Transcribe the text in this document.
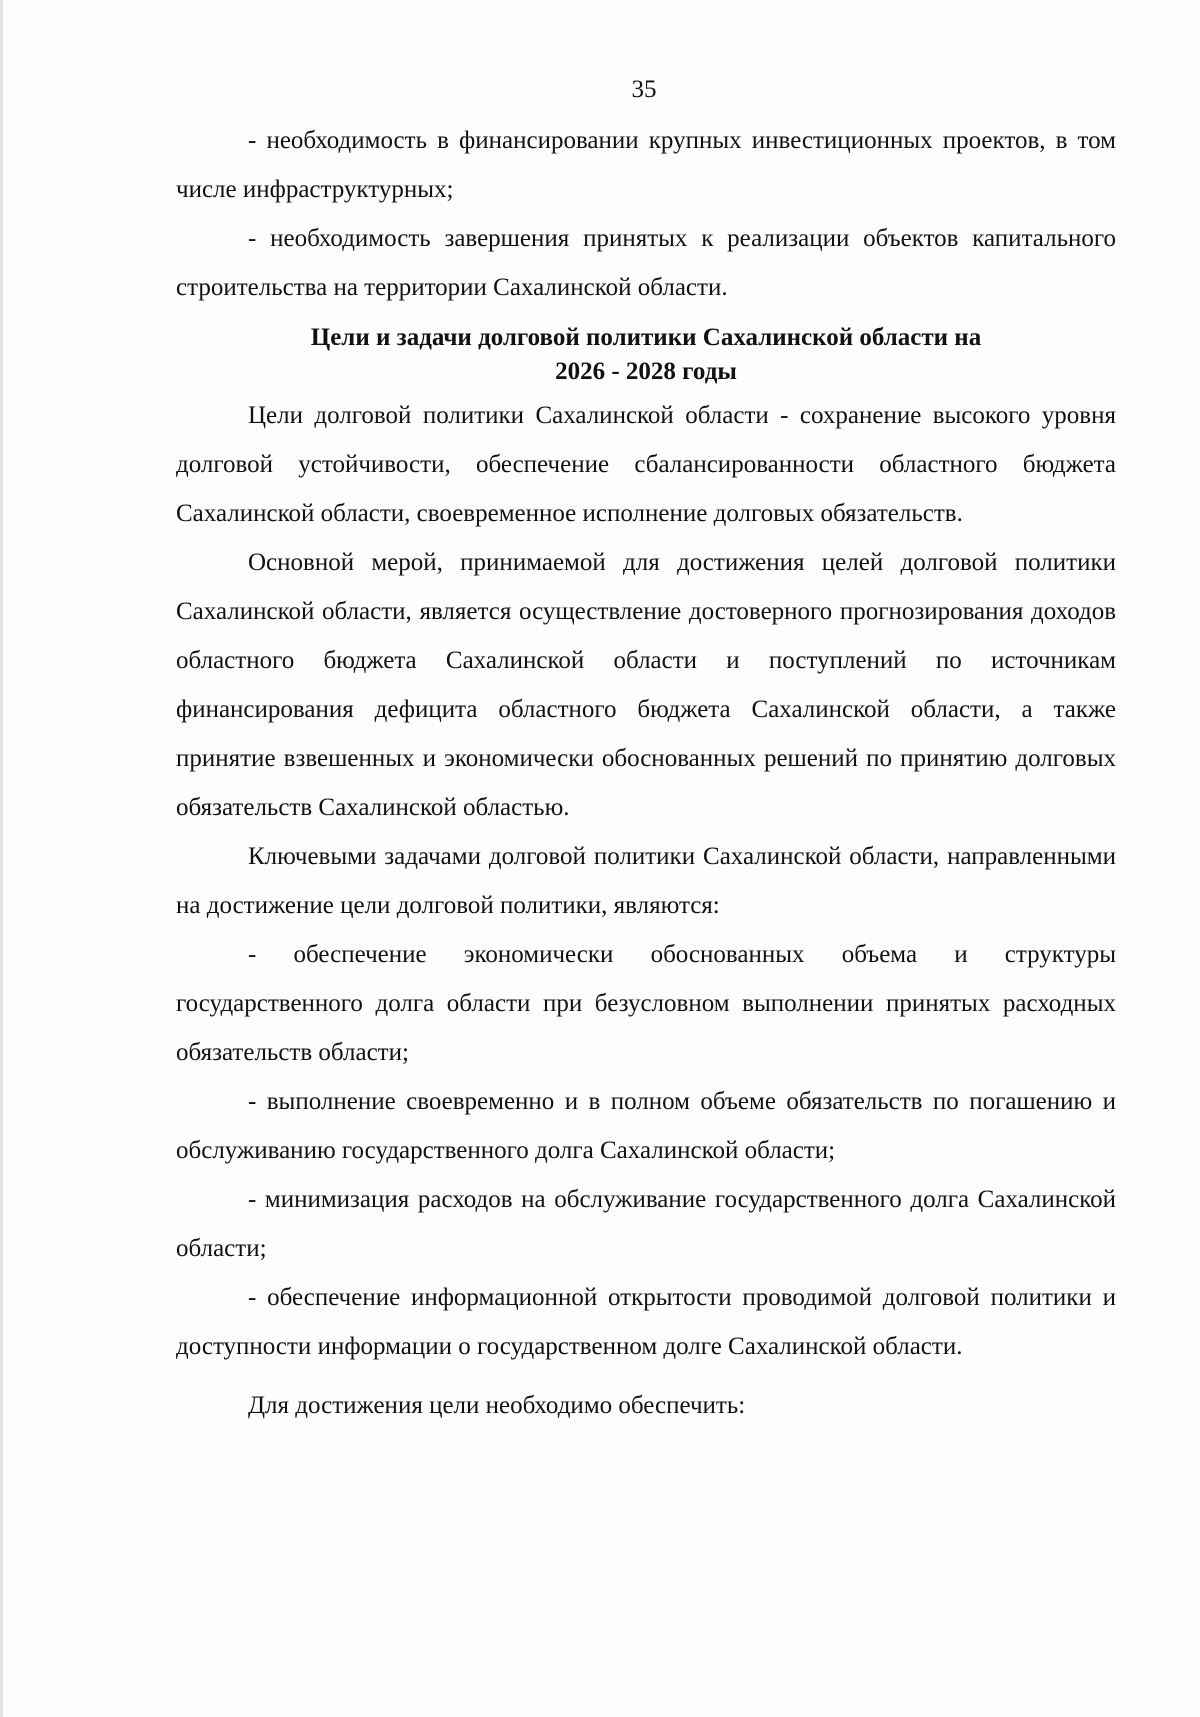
35

- необходимость в финансировании крупных инвестиционных проектов, в том числе инфраструктурных;

- необходимость завершения принятых к реализации объектов капитального строительства на территории Сахалинской области.

Цели и задачи долговой политики Сахалинской области на
2026 - 2028 годы

Цели долговой политики Сахалинской области - сохранение высокого уровня долговой устойчивости, обеспечение сбалансированности областного бюджета Сахалинской области, своевременное исполнение долговых обязательств.

Основной мерой, принимаемой для достижения целей долговой политики Сахалинской области, является осуществление достоверного прогнозирования доходов областного бюджета Сахалинской области и поступлений по источникам финансирования дефицита областного бюджета Сахалинской области, а также принятие взвешенных и экономически обоснованных решений по принятию долговых обязательств Сахалинской областью.

Ключевыми задачами долговой политики Сахалинской области, направленными на достижение цели долговой политики, являются:

- обеспечение экономически обоснованных объема и структуры государственного долга области при безусловном выполнении принятых расходных обязательств области;

- выполнение своевременно и в полном объеме обязательств по погашению и обслуживанию государственного долга Сахалинской области;

- минимизация расходов на обслуживание государственного долга Сахалинской области;

- обеспечение информационной открытости проводимой долговой политики и доступности информации о государственном долге Сахалинской области.

Для достижения цели необходимо обеспечить:
